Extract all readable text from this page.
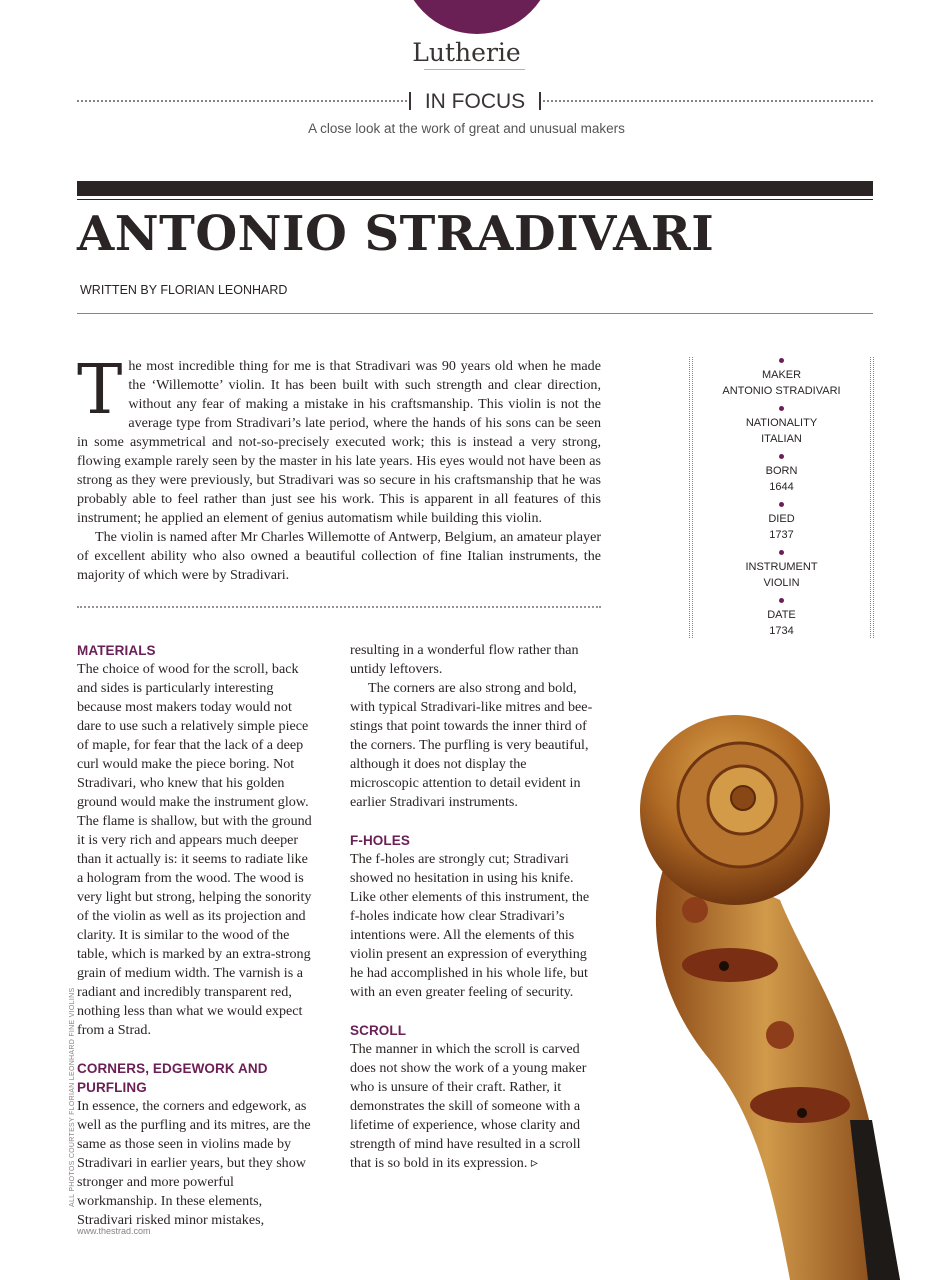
Lutherie
IN FOCUS
A close look at the work of great and unusual makers
ANTONIO STRADIVARI
WRITTEN BY FLORIAN LEONHARD

The most incredible thing for me is that Stradivari was 90 years old when he made the ‘Willemotte’ violin. It has been built with such strength and clear direction, without any fear of making a mistake in his craftsmanship. This violin is not the average type from Stradivari’s late period, where the hands of his sons can be seen in some asymmetrical and not-so-precisely executed work; this is instead a very strong, flowing example rarely seen by the master in his late years. His eyes would not have been as strong as they were previously, but Stradivari was so secure in his craftsmanship that he was probably able to feel rather than just see his work. This is apparent in all features of this instrument; he applied an element of genius automatism while building this violin.

The violin is named after Mr Charles Willemotte of Antwerp, Belgium, an amateur player of excellent ability who also owned a beautiful collection of fine Italian instruments, the majority of which were by Stradivari.

MAKER
ANTONIO STRADIVARI
NATIONALITY
ITALIAN
BORN
1644
DIED
1737
INSTRUMENT
VIOLIN
DATE
1734
MATERIALS

The choice of wood for the scroll, back and sides is particularly interesting because most makers today would not dare to use such a relatively simple piece of maple, for fear that the lack of a deep curl would make the piece boring. Not Stradivari, who knew that his golden ground would make the instrument glow. The flame is shallow, but with the ground it is very rich and appears much deeper than it actually is: it seems to radiate like a hologram from the wood. The wood is very light but strong, helping the sonority of the violin as well as its projection and clarity. It is similar to the wood of the table, which is marked by an extra-strong grain of medium width. The varnish is a radiant and incredibly transparent red, nothing less than what we would expect from a Strad.

CORNERS, EDGEWORK AND PURFLING

In essence, the corners and edgework, as well as the purfling and its mitres, are the same as those seen in violins made by Stradivari in earlier years, but they show stronger and more powerful workmanship. In these elements, Stradivari risked minor mistakes,

resulting in a wonderful flow rather than untidy leftovers.

The corners are also strong and bold, with typical Stradivari-like mitres and bee-stings that point towards the inner third of the corners. The purfling is very beautiful, although it does not display the microscopic attention to detail evident in earlier Stradivari instruments.

F-HOLES

The f-holes are strongly cut; Stradivari showed no hesitation in using his knife. Like other elements of this instrument, the f-holes indicate how clear Stradivari’s intentions were. All the elements of this violin present an expression of everything he had accomplished in his whole life, but with an even greater feeling of security.

SCROLL

The manner in which the scroll is carved does not show the work of a young maker who is unsure of their craft. Rather, it demonstrates the skill of someone with a lifetime of experience, whose clarity and strength of mind have resulted in a scroll that is so bold in its expression. ▹

ALL PHOTOS COURTESY FLORIAN LEONHARD FINE VIOLINS
www.thestrad.com
